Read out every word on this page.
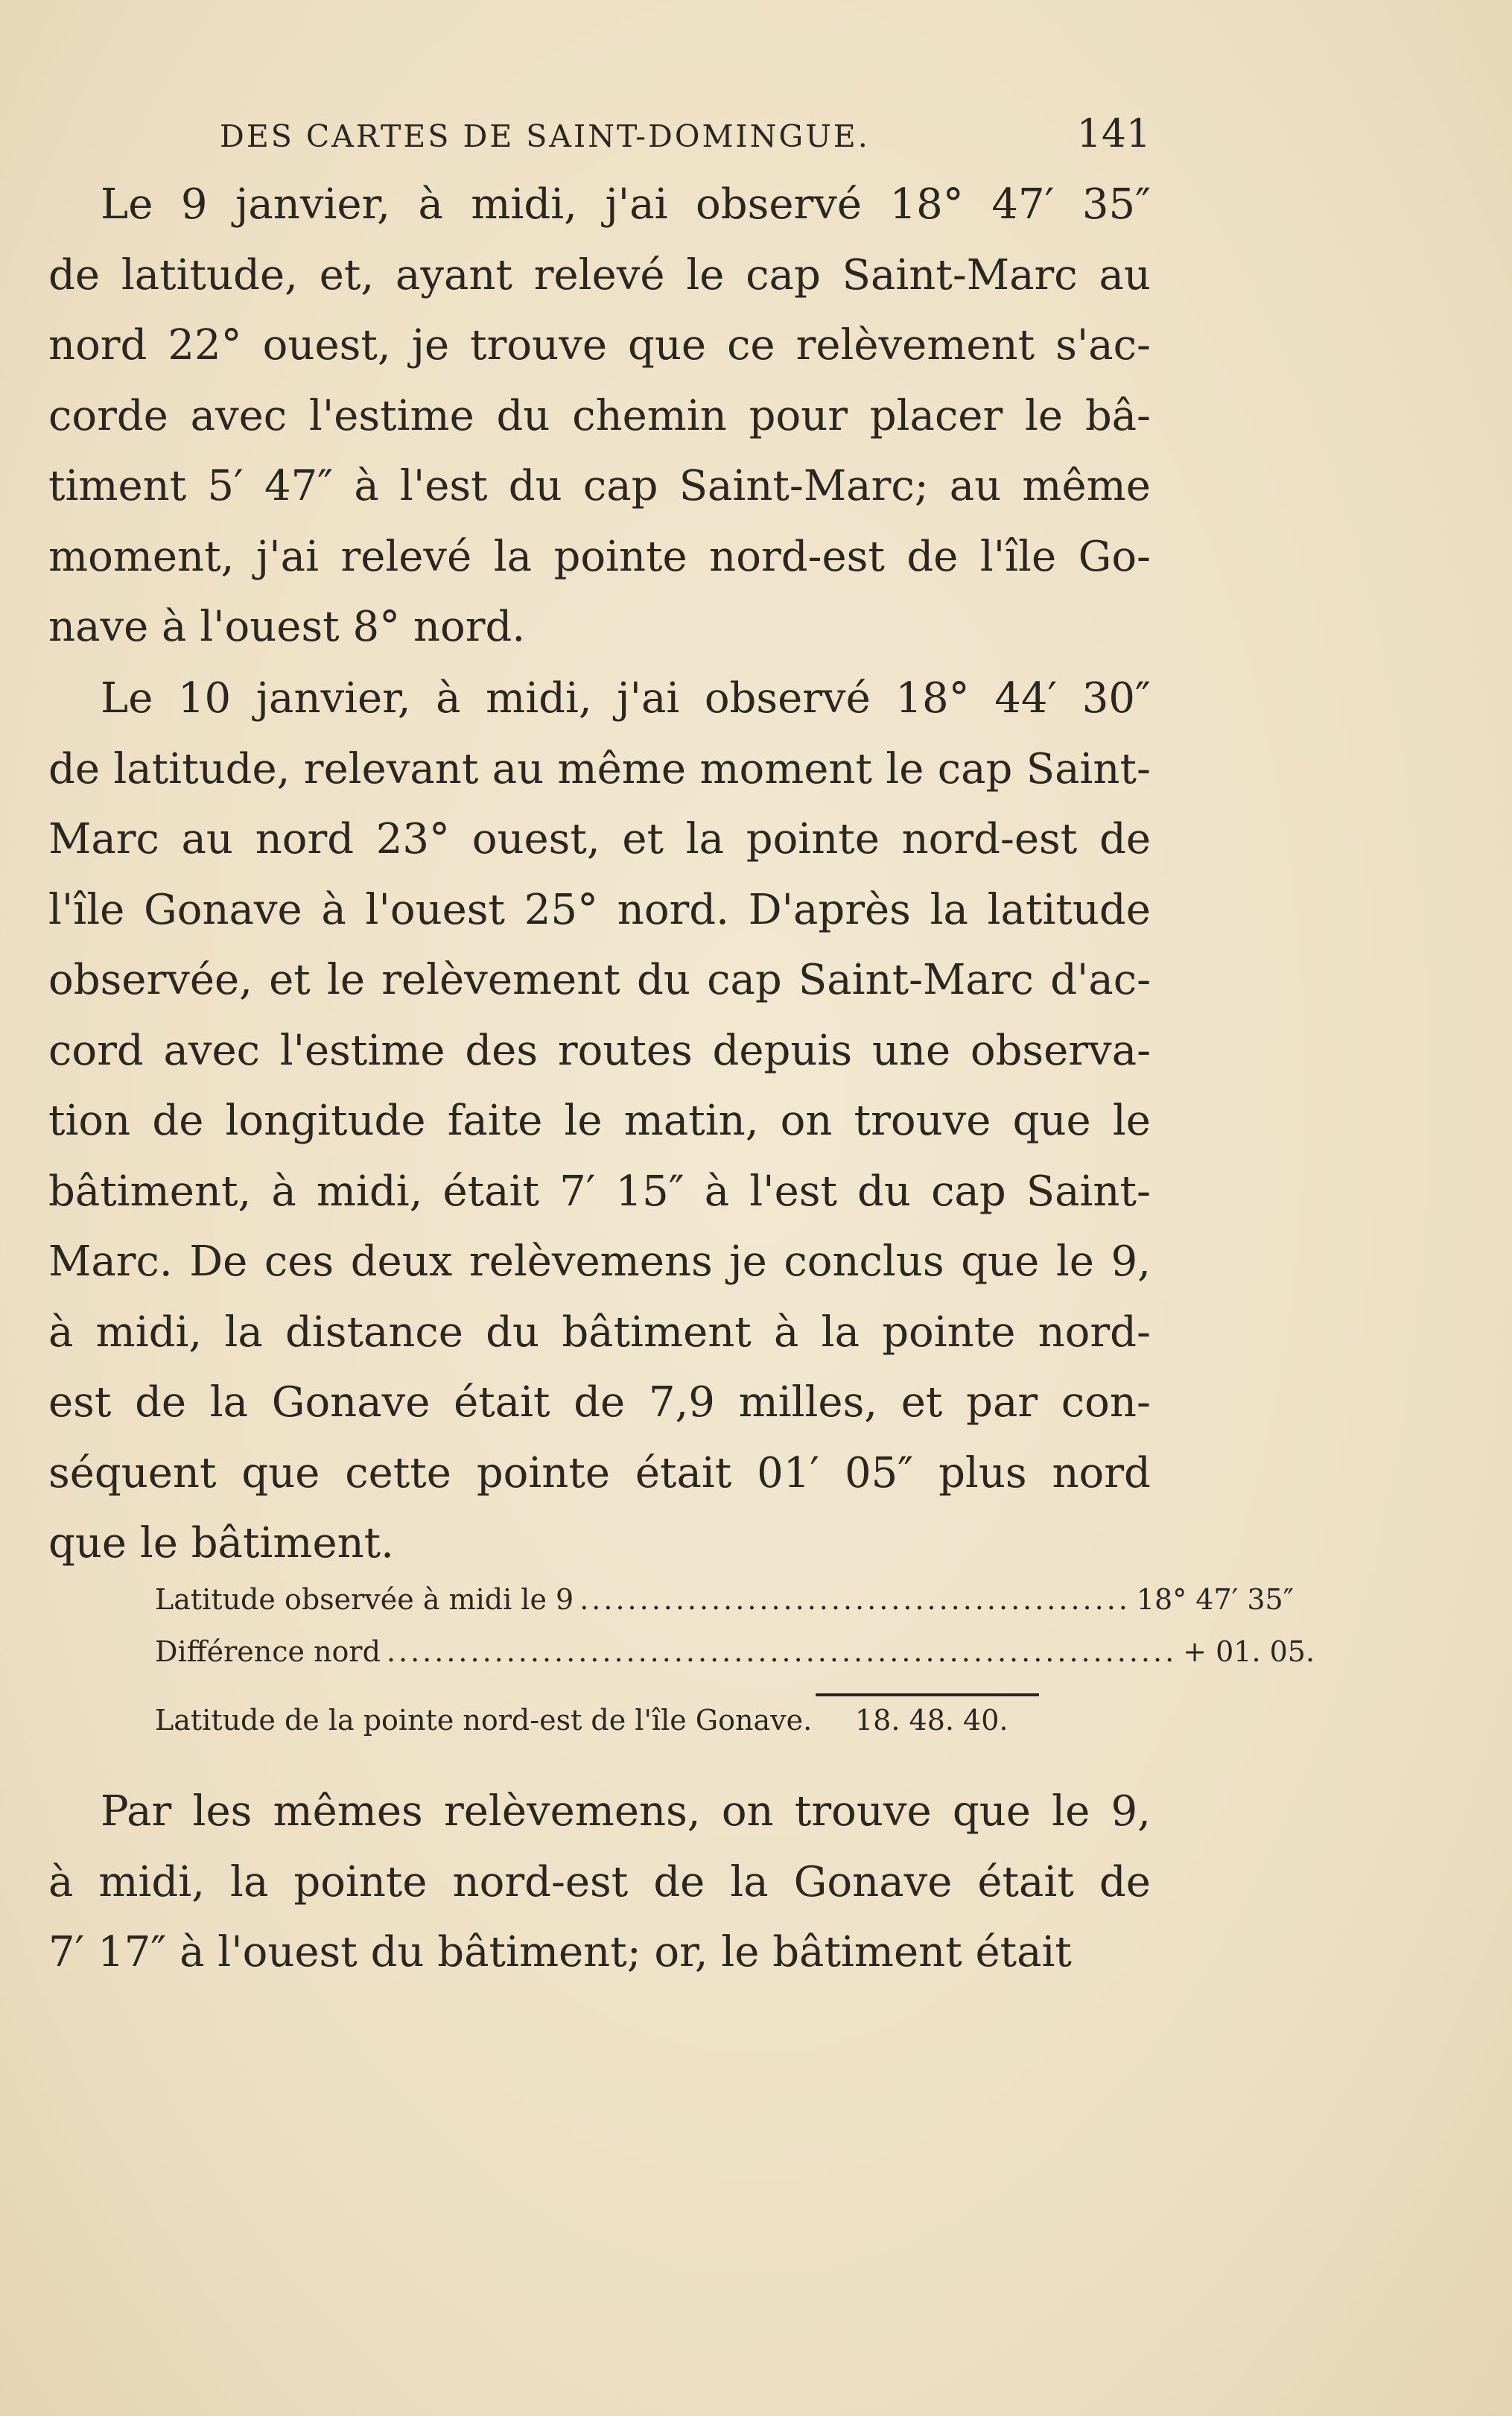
DES CARTES DE SAINT-DOMINGUE.	141
Le 9 janvier, à midi, j'ai observé 18° 47′ 35″
de latitude, et, ayant relevé le cap Saint-Marc au
nord 22° ouest, je trouve que ce relèvement s'ac-
corde avec l'estime du chemin pour placer le bâ-
timent 5′ 47″ à l'est du cap Saint-Marc; au même
moment, j'ai relevé la pointe nord-est de l'île Go-
nave à l'ouest 8° nord.
Le 10 janvier, à midi, j'ai observé 18° 44′ 30″
de latitude, relevant au même moment le cap Saint-
Marc au nord 23° ouest, et la pointe nord-est de
l'île Gonave à l'ouest 25° nord. D'après la latitude
observée, et le relèvement du cap Saint-Marc d'ac-
cord avec l'estime des routes depuis une observa-
tion de longitude faite le matin, on trouve que le
bâtiment, à midi, était 7′ 15″ à l'est du cap Saint-
Marc. De ces deux relèvemens je conclus que le 9,
à midi, la distance du bâtiment à la pointe nord-
est de la Gonave était de 7,9 milles, et par con-
séquent que cette pointe était 01′ 05″ plus nord
que le bâtiment.
Latitude observée à midi le 9 .............................................. 18° 47′ 35″
Différence nord .................................................................. + 01. 05.
Latitude de la pointe nord-est de l'île Gonave. 18. 48. 40.
Par les mêmes relèvemens, on trouve que le 9,
à midi, la pointe nord-est de la Gonave était de
7′ 17″ à l'ouest du bâtiment; or, le bâtiment était
